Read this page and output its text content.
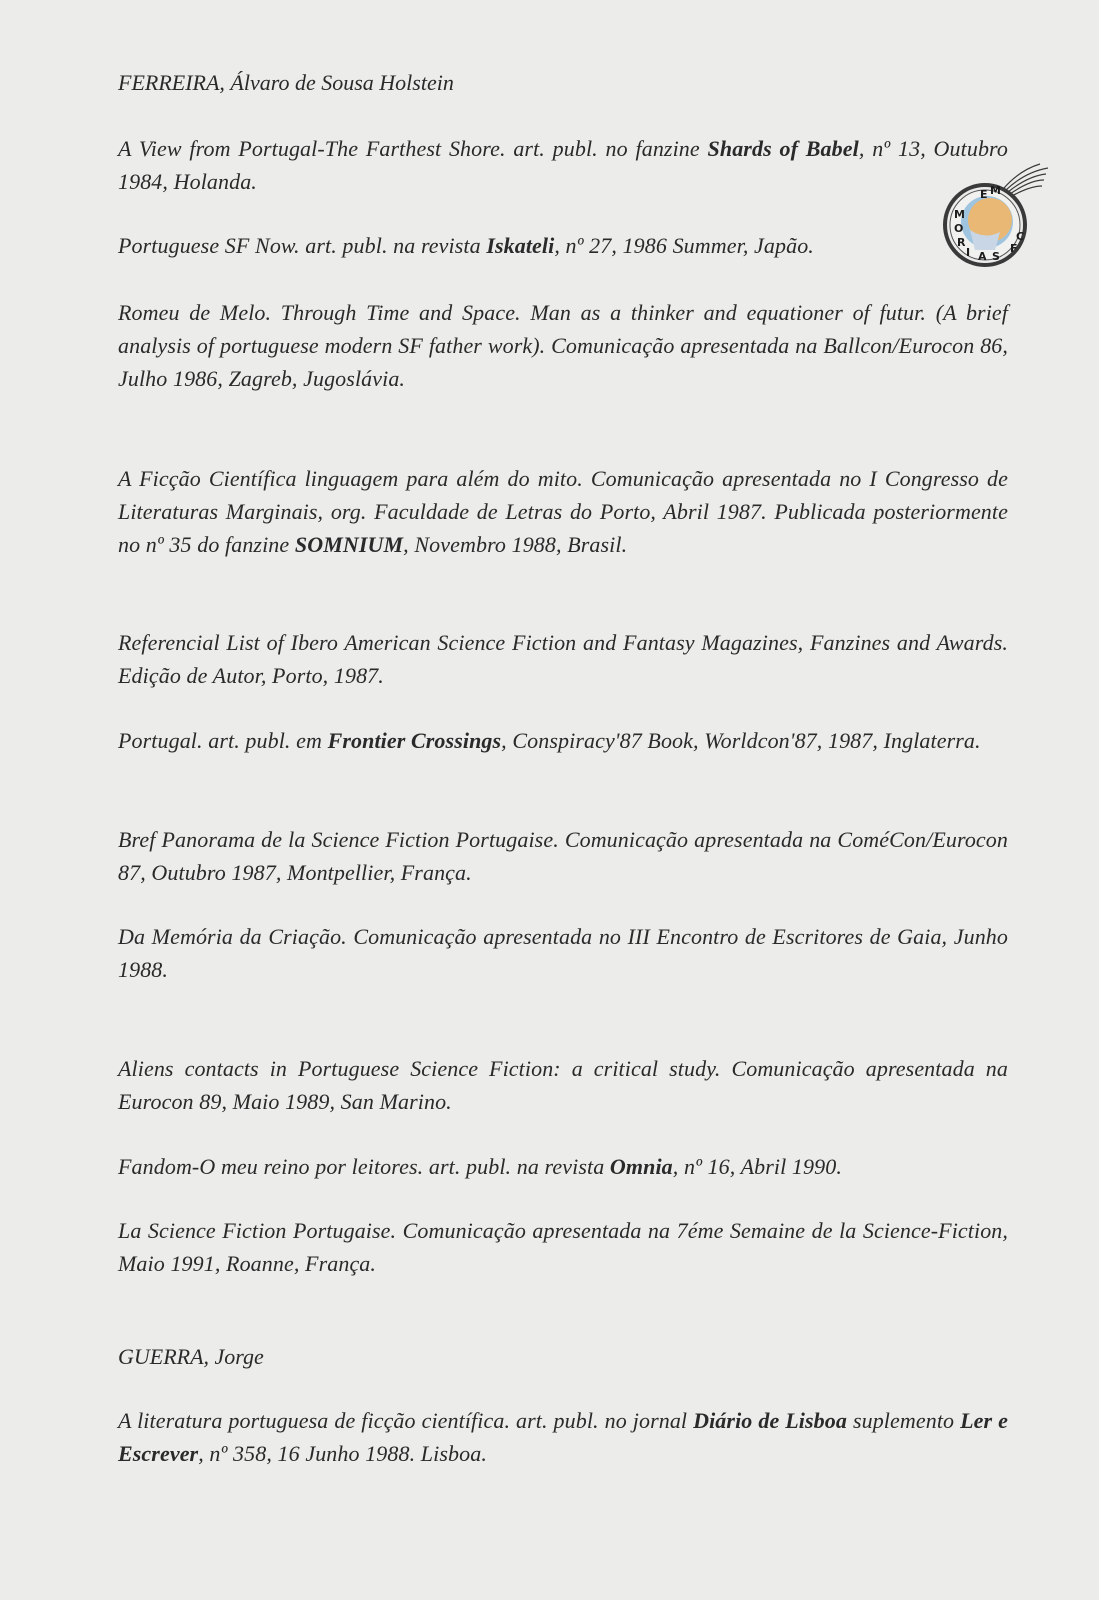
FERREIRA, Álvaro de Sousa Holstein
A View from Portugal-The Farthest Shore. art. publ. no fanzine Shards of Babel, nº 13, Outubro 1984, Holanda.
Portuguese SF Now. art. publ. na revista Iskateli, nº 27, 1986 Summer, Japão.
Romeu de Melo. Through Time and Space. Man as a thinker and equationer of futur. (A brief analysis of portuguese modern SF father work). Comunicação apresentada na Ballcon/Eurocon 86, Julho 1986, Zagreb, Jugoslávia.
A Ficção Científica linguagem para além do mito. Comunicação apresentada no I Congresso de Literaturas Marginais, org. Faculdade de Letras do Porto, Abril 1987. Publicada posteriormente no nº 35 do fanzine SOMNIUM, Novembro 1988, Brasil.
Referencial List of Ibero American Science Fiction and Fantasy Magazines, Fanzines and Awards. Edição de Autor, Porto, 1987.
Portugal. art. publ. em Frontier Crossings, Conspiracy'87 Book, Worldcon'87, 1987, Inglaterra.
Bref Panorama de la Science Fiction Portugaise. Comunicação apresentada na ComéCon/Eurocon 87, Outubro 1987, Montpellier, França.
Da Memória da Criação. Comunicação apresentada no III Encontro de Escritores de Gaia, Junho 1988.
Aliens contacts in Portuguese Science Fiction: a critical study. Comunicação apresentada na Eurocon 89, Maio 1989, San Marino.
Fandom-O meu reino por leitores. art. publ. na revista Omnia, nº 16, Abril 1990.
La Science Fiction Portugaise. Comunicação apresentada na 7éme Semaine de la Science-Fiction, Maio 1991, Roanne, França.
GUERRA, Jorge
A literatura portuguesa de ficção científica. art. publ. no jornal Diário de Lisboa suplemento Ler e Escrever, nº 358, 16 Junho 1988. Lisboa.
E M
M
O
R
I A S
F
C
